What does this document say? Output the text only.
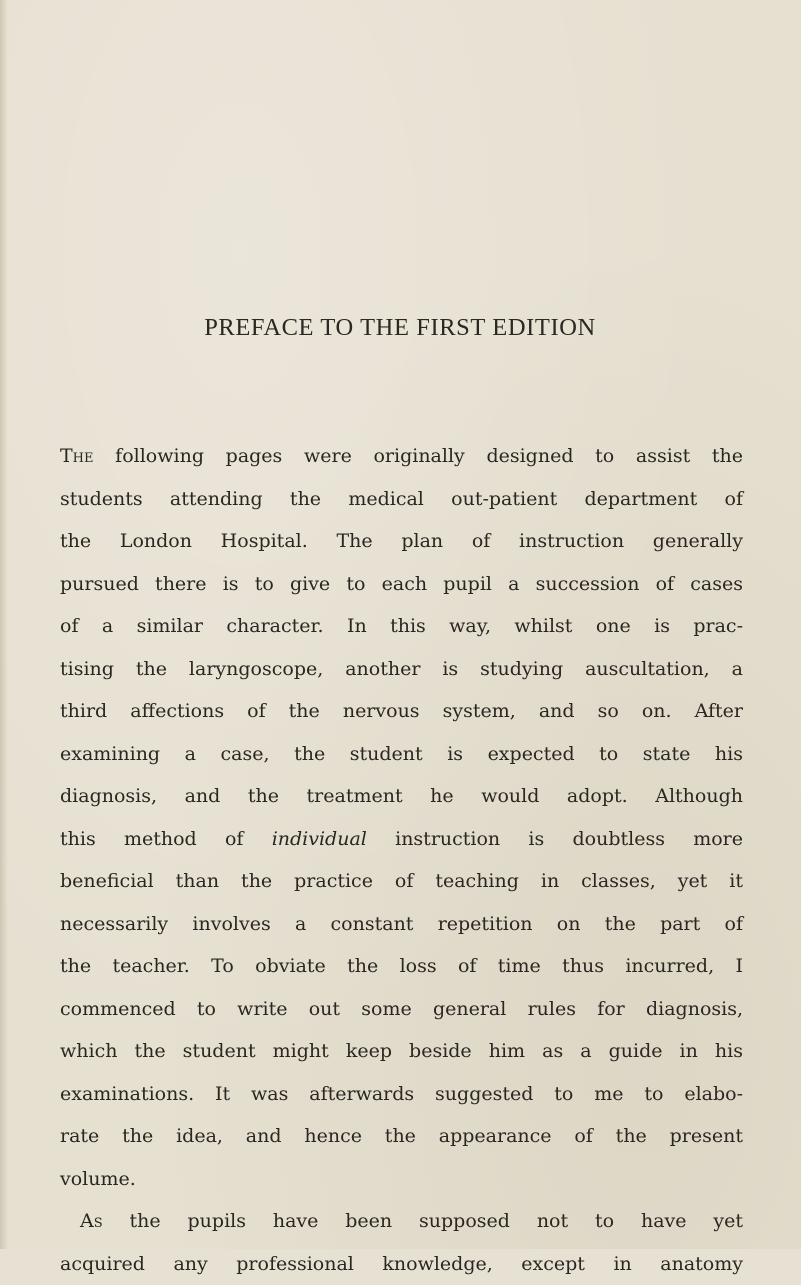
PREFACE TO THE FIRST EDITION
The following pages were originally designed to assist the
students attending the medical out-patient department of
the London Hospital. The plan of instruction generally
pursued there is to give to each pupil a succession of cases
of a similar character. In this way, whilst one is prac-
tising the laryngoscope, another is studying auscultation, a
third affections of the nervous system, and so on. After
examining a case, the student is expected to state his
diagnosis, and the treatment he would adopt. Although
this method of individual instruction is doubtless more
beneficial than the practice of teaching in classes, yet it
necessarily involves a constant repetition on the part of
the teacher. To obviate the loss of time thus incurred, I
commenced to write out some general rules for diagnosis,
which the student might keep beside him as a guide in his
examinations. It was afterwards suggested to me to elabo-
rate the idea, and hence the appearance of the present
volume.
As the pupils have been supposed not to have yet
acquired any professional knowledge, except in anatomy
